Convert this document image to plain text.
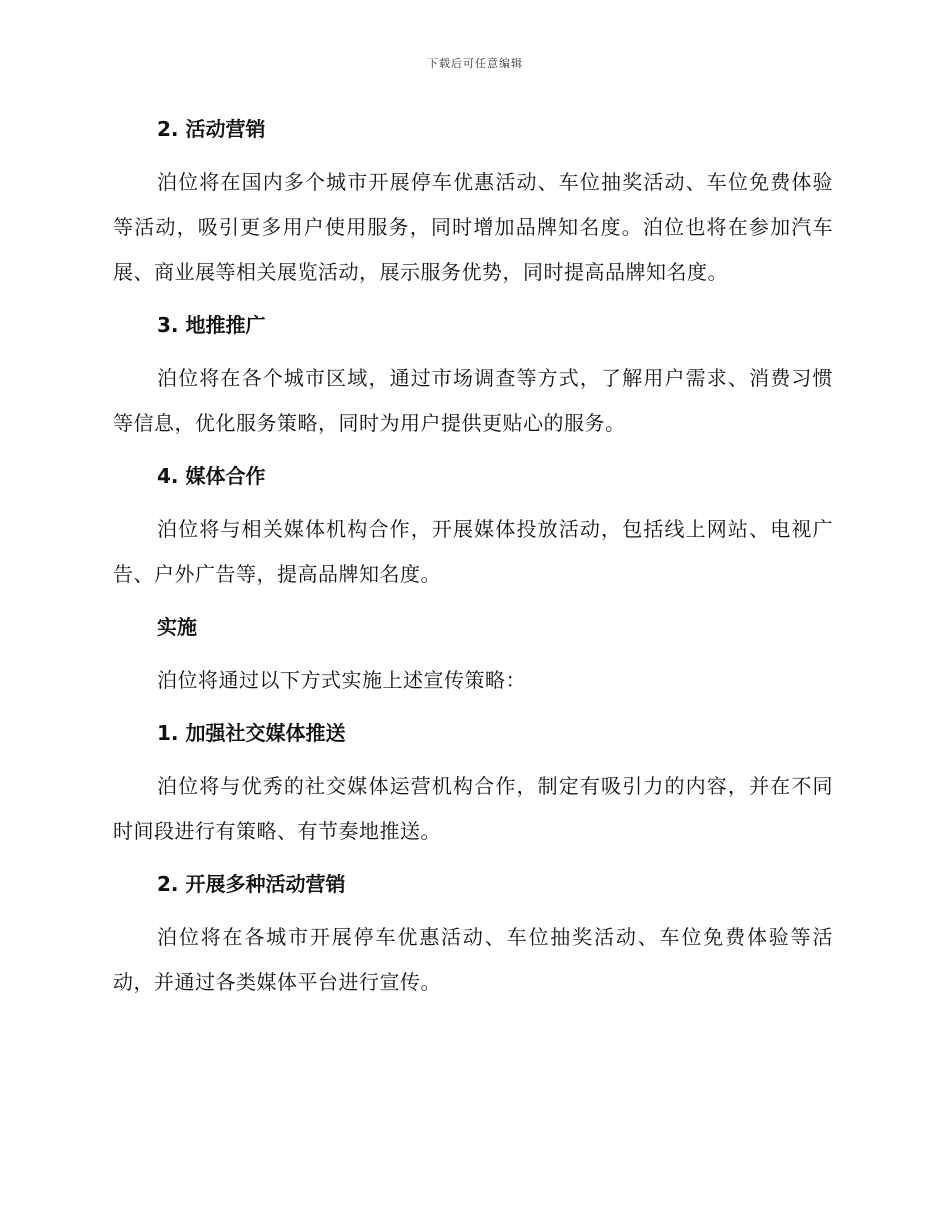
下载后可任意编辑
2. 活动营销

泊位将在国内多个城市开展停车优惠活动、车位抽奖活动、车位免费体验等活动，吸引更多用户使用服务，同时增加品牌知名度。泊位也将在参加汽车展、商业展等相关展览活动，展示服务优势，同时提高品牌知名度。

3. 地推推广

泊位将在各个城市区域，通过市场调查等方式，了解用户需求、消费习惯等信息，优化服务策略，同时为用户提供更贴心的服务。

4. 媒体合作

泊位将与相关媒体机构合作，开展媒体投放活动，包括线上网站、电视广告、户外广告等，提高品牌知名度。

实施

泊位将通过以下方式实施上述宣传策略：

1. 加强社交媒体推送

泊位将与优秀的社交媒体运营机构合作，制定有吸引力的内容，并在不同时间段进行有策略、有节奏地推送。

2. 开展多种活动营销

泊位将在各城市开展停车优惠活动、车位抽奖活动、车位免费体验等活动，并通过各类媒体平台进行宣传。
